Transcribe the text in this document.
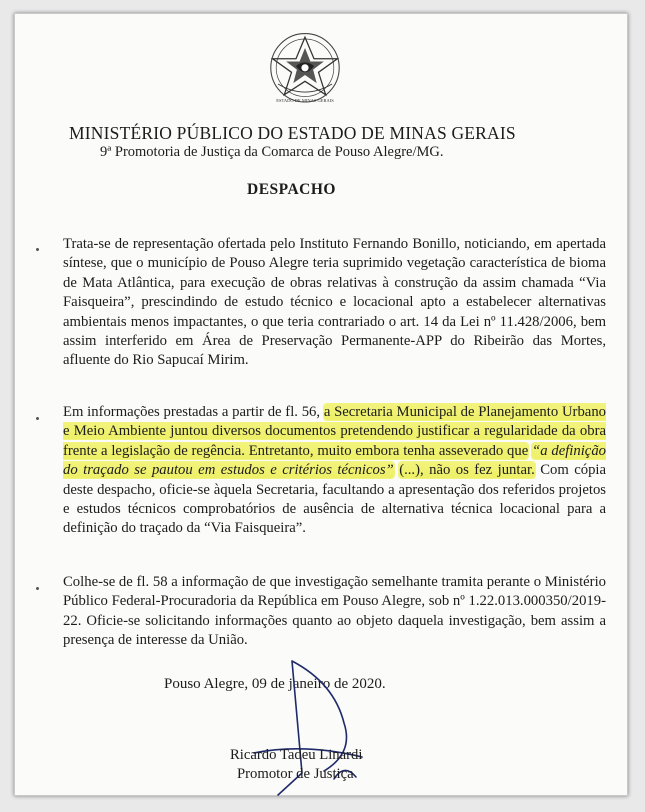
ESTADO DE MINAS GERAIS
MINISTÉRIO PÚBLICO DO ESTADO DE MINAS GERAIS
9ª Promotoria de Justiça da Comarca de Pouso Alegre/MG.
DESPACHO

Trata-se de representação ofertada pelo Instituto Fernando Bonillo, noticiando, em apertada síntese, que o município de Pouso Alegre teria suprimido vegetação característica de bioma de Mata Atlântica, para execução de obras relativas à construção da assim chamada “Via Faisqueira”, prescindindo de estudo técnico e locacional apto a estabelecer alternativas ambientais menos impactantes, o que teria contrariado o art. 14 da Lei nº 11.428/2006, bem assim interferido em Área de Preservação Permanente-APP do Ribeirão das Mortes, afluente do Rio Sapucaí Mirim.

Em informações prestadas a partir de fl. 56, a Secretaria Municipal de Planejamento Urbano e Meio Ambiente juntou diversos documentos pretendendo justificar a regularidade da obra frente a legislação de regência. Entretanto, muito embora tenha asseverado que “a definição do traçado se pautou em estudos e critérios técnicos” (...), não os fez juntar. Com cópia deste despacho, oficie-se àquela Secretaria, facultando a apresentação dos referidos projetos e estudos técnicos comprobatórios de ausência de alternativa técnica locacional para a definição do traçado da “Via Faisqueira”.

Colhe-se de fl. 58 a informação de que investigação semelhante tramita perante o Ministério Público Federal-Procuradoria da República em Pouso Alegre, sob nº 1.22.013.000350/2019-22. Oficie-se solicitando informações quanto ao objeto daquela investigação, bem assim a presença de interesse da União.

Pouso Alegre, 09 de janeiro de 2020.
Ricardo Tadeu Linardi
Promotor de Justiça
